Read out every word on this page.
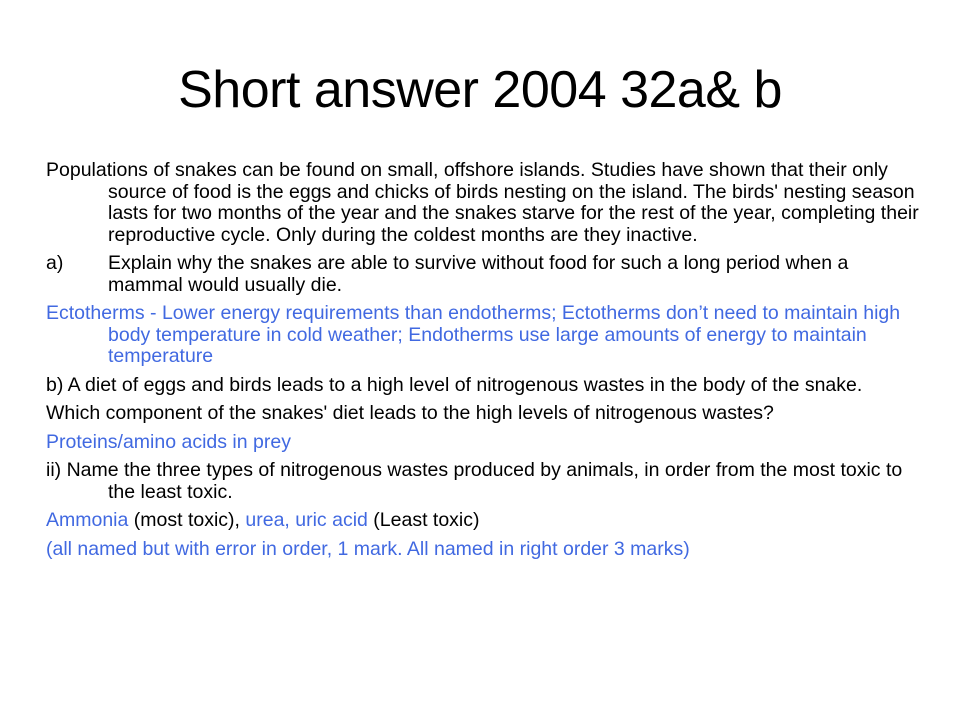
Short answer 2004 32a& b

Populations of snakes can be found on small, offshore islands. Studies have shown that their only source of food is the eggs and chicks of birds nesting on the island. The birds' nesting season lasts for two months of the year and the snakes starve for the rest of the year, completing their reproductive cycle. Only during the coldest months are they inactive.

a) Explain why the snakes are able to survive without food for such a long period when a mammal would usually die.

Ectotherms - Lower energy requirements than endotherms; Ectotherms don’t need to maintain high body temperature in cold weather; Endotherms use large amounts of energy to maintain temperature

b) A diet of eggs and birds leads to a high level of nitrogenous wastes in the body of the snake.

Which component of the snakes' diet leads to the high levels of nitrogenous wastes?

Proteins/amino acids in prey

ii) Name the three types of nitrogenous wastes produced by animals, in order from the most toxic to the least toxic.

Ammonia (most toxic), urea, uric acid (Least toxic)

(all named but with error in order, 1 mark. All named in right order 3 marks)
